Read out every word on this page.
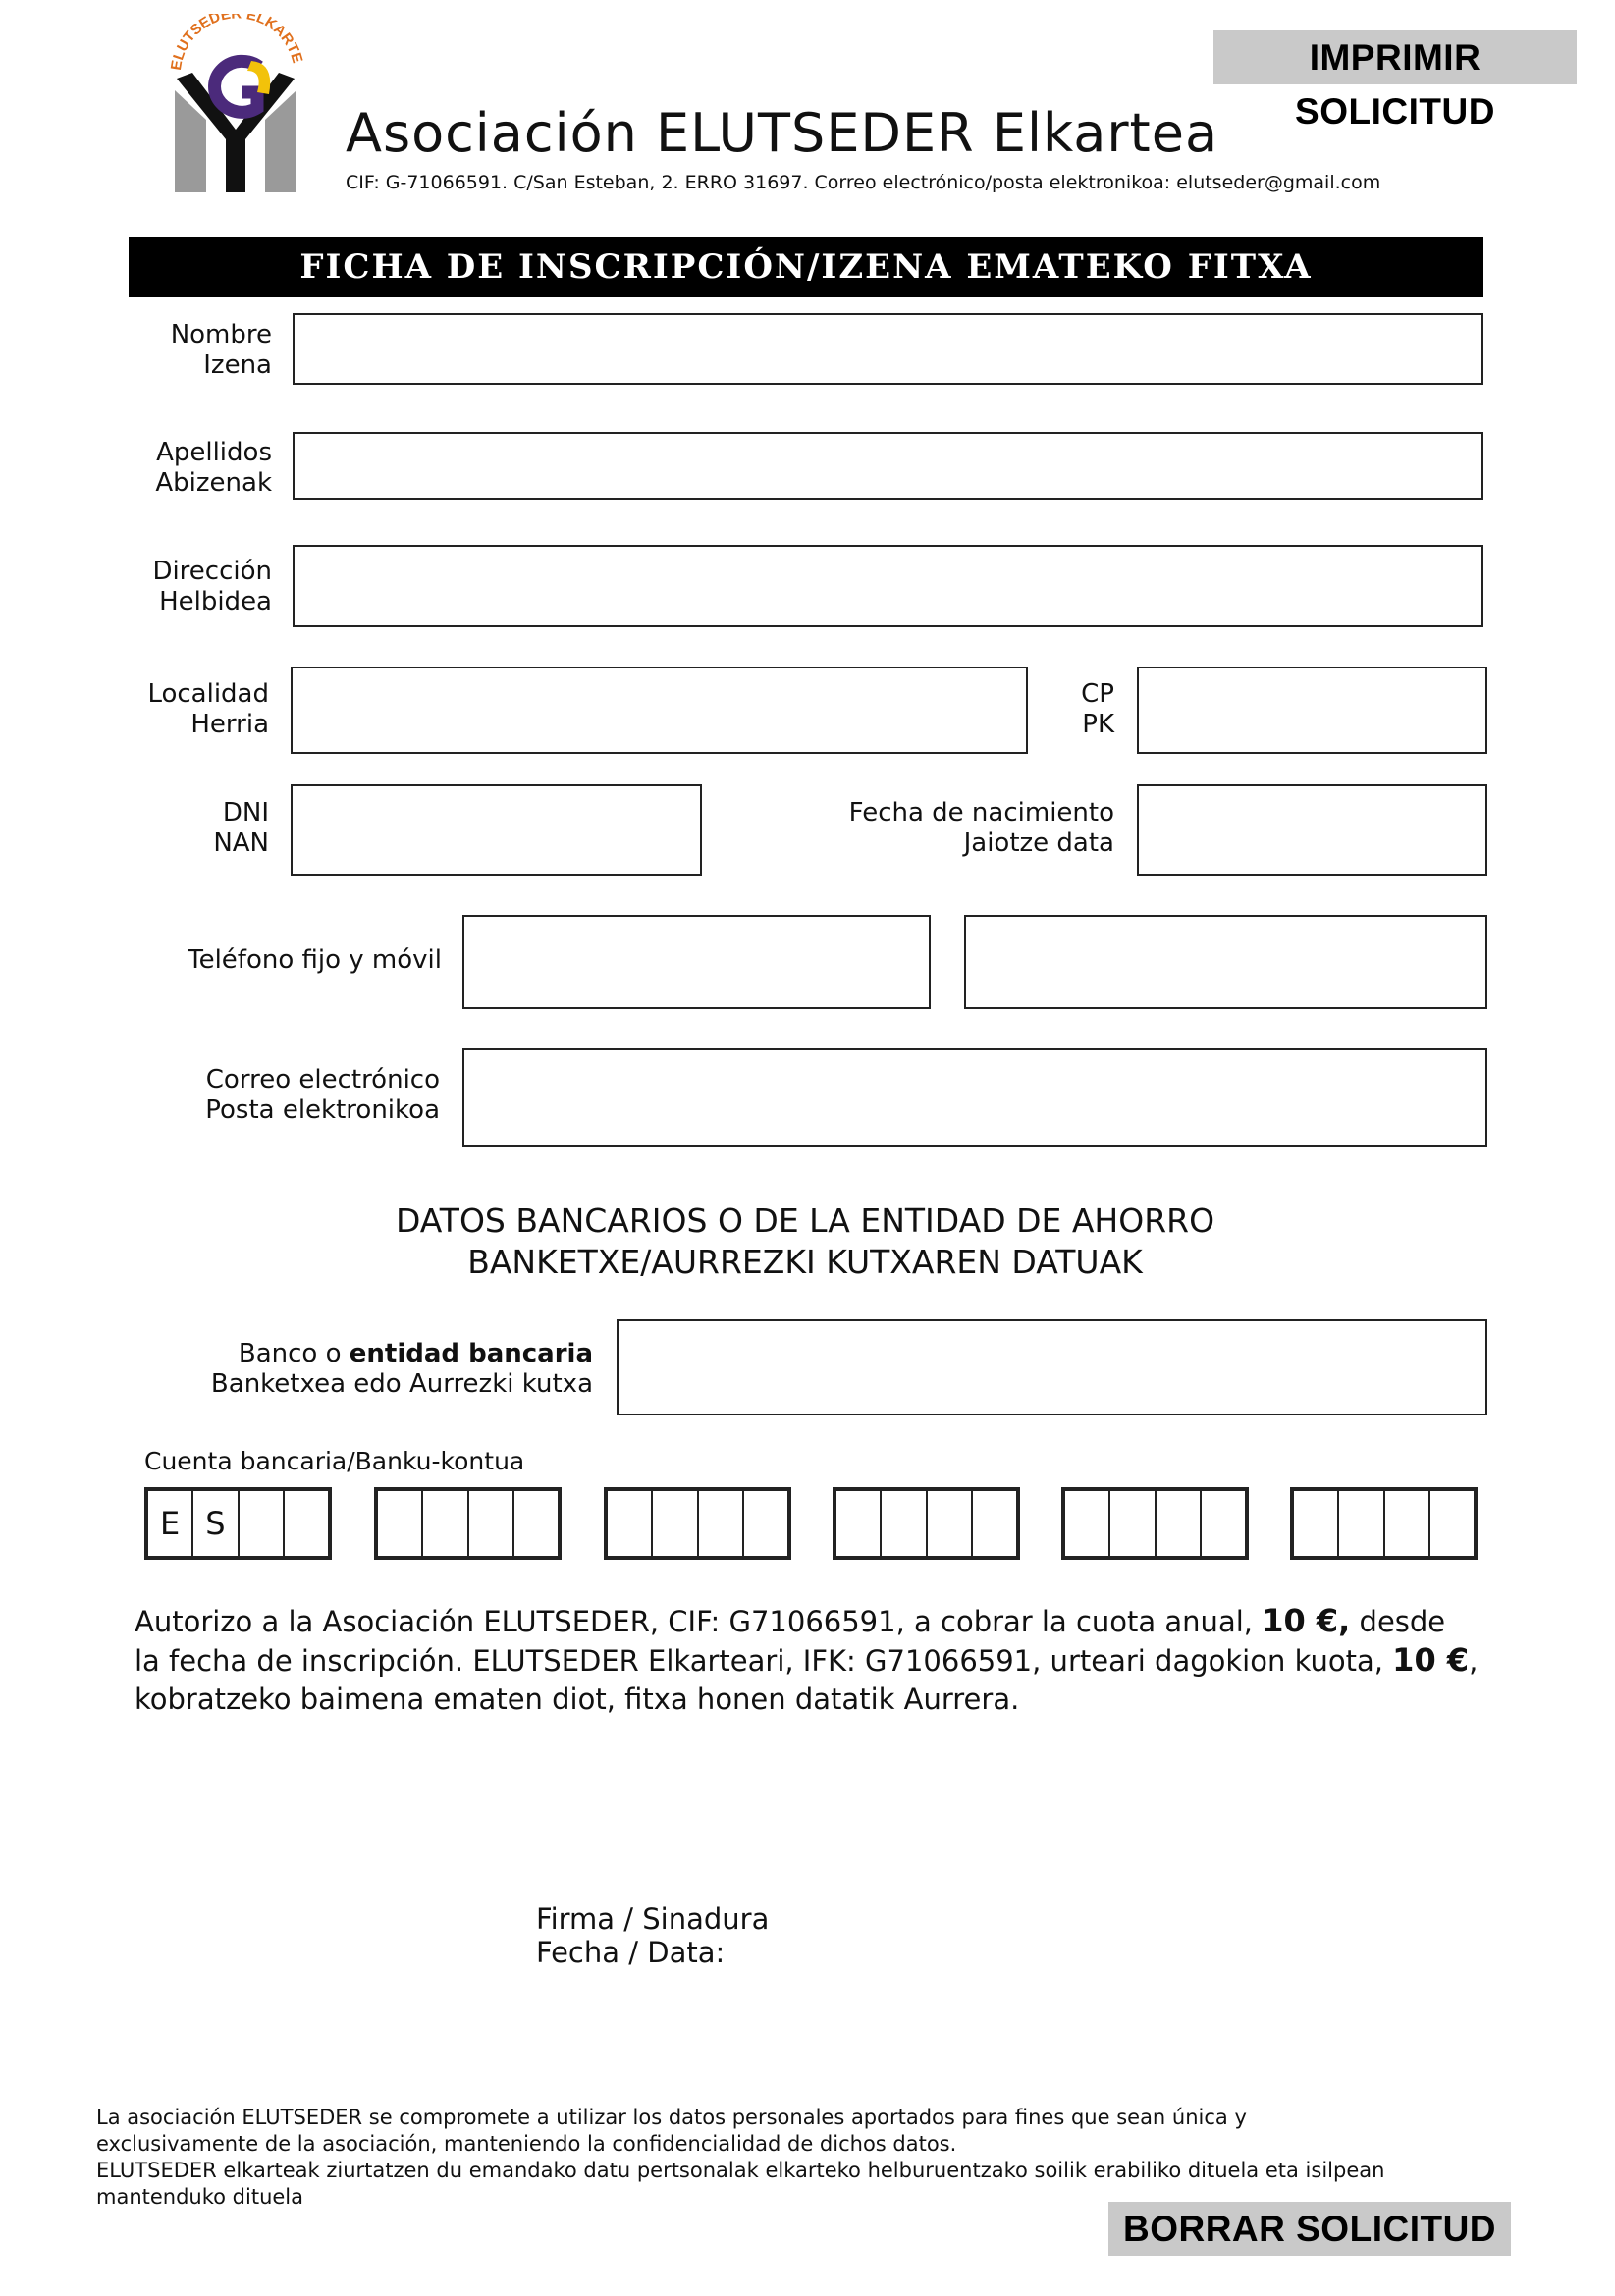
IMPRIMIR SOLICITUD
ELUTSEDE ELKARTE
Asociación ELUTSEDER Elkartea
CIF: G-71066591. C/San Esteban, 2. ERRO 31697. Correo electrónico/posta elektronikoa: elutseder@gmail.com
FICHA DE INSCRIPCIÓN/IZENA EMATEKO FITXA
Nombre
Izena
Apellidos
Abizenak
Dirección
Helbidea
Localidad
Herria
CP
PK
DNI
NAN
Fecha de nacimiento
Jaiotze data
Teléfono fijo y móvil
Correo electrónico
Posta elektronikoa
DATOS BANCARIOS O DE LA ENTIDAD DE AHORRO
BANKETXE/AURREZKI KUTXAREN DATUAK
Banco o entidad bancaria
Banketxea edo Aurrezki kutxa
Cuenta bancaria/Banku-kontua
E S
Autorizo a la Asociación ELUTSEDER, CIF: G71066591, a cobrar la cuota anual, 10 €, desde
la fecha de inscripción. ELUTSEDER Elkarteari, IFK: G71066591, urteari dagokion kuota, 10 €,
kobratzeko baimena ematen diot, fitxa honen datatik Aurrera.
Firma / Sinadura
Fecha / Data:
La asociación ELUTSEDER se compromete a utilizar los datos personales aportados para fines que sean única y
exclusivamente de la asociación, manteniendo la confidencialidad de dichos datos.
ELUTSEDER elkarteak ziurtatzen du emandako datu pertsonalak elkarteko helburuentzako soilik erabiliko dituela eta isilpean
mantenduko dituela
BORRAR SOLICITUD
